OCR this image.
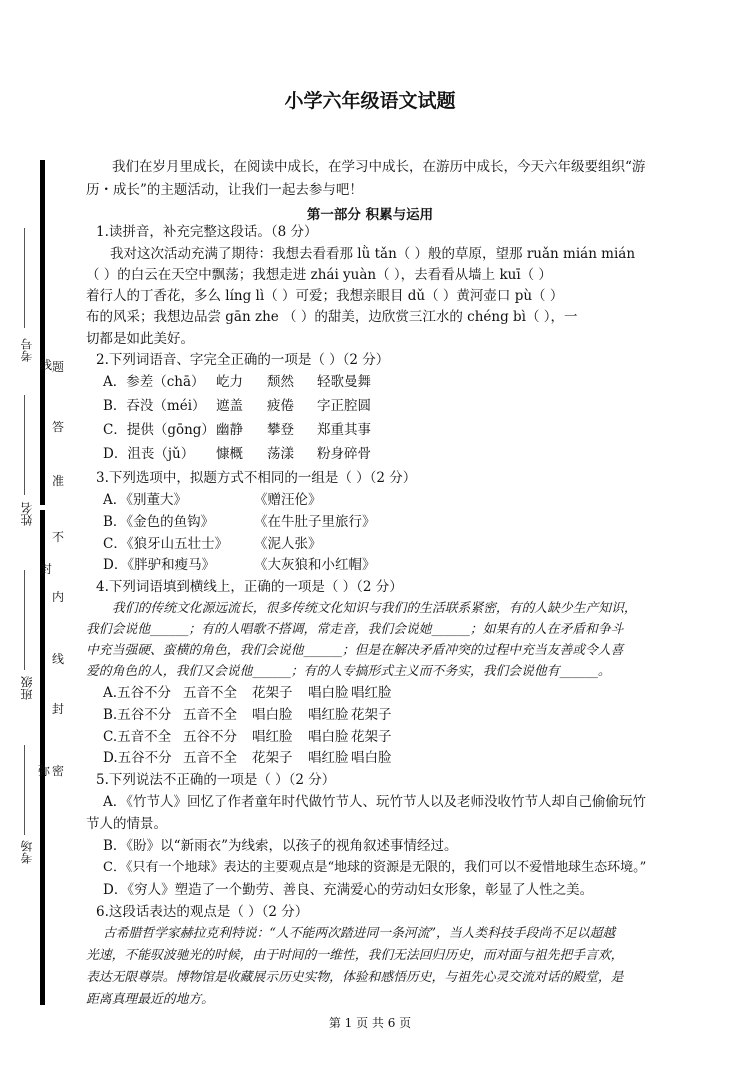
考号
姓名
班级
考场
题
答
准
不
内
线
封
密
弥
线
封
小学六年级语文试题
我们在岁月里成长，在阅读中成长，在学习中成长，在游历中成长，今天六年级要组织“游
历・成长”的主题活动，让我们一起去参与吧！
第一部分 积累与运用
1.读拼音，补充完整这段话。（8 分）
我对这次活动充满了期待：我想去看看那 lǜ tǎn（ ）般的草原，望那 ruǎn mián mián
（ ）的白云在天空中飘荡；我想走进 zhái yuàn（ ），去看看从墙上 kuī（ ）
着行人的丁香花，多么 líng lì（ ）可爱；我想亲眼目 dǔ（ ）黄河壶口 pù（ ）
布的风采；我想边品尝 gān zhe （ ）的甜美，边欣赏三江水的 chéng bì（ ），一
切都是如此美好。
2.下列词语音、字完全正确的一项是（ ）（2 分）
A．参差（chā） 屹力 颓然 轻歌曼舞
B．吞没（méi） 遮盖 疲倦 字正腔圆
C．提供（gōng）幽静 攀登 郑重其事
D．沮丧（jǔ） 慷概 荡漾 粉身碎骨
3.下列选项中，拟题方式不相同的一组是（ ）（2 分）
A．《别董大》	《赠汪伦》
B．《金色的鱼钩》	《在牛肚子里旅行》
C．《狼牙山五壮士》 《泥人张》
D．《胖驴和瘦马》	《大灰狼和小红帽》
4.下列词语填到横线上，正确的一项是（ ）（2 分）
我们的传统文化源远流长，很多传统文化知识与我们的生活联系紧密，有的人缺少生产知识，
我们会说他______；有的人唱歌不搭调，常走音，我们会说她______；如果有的人在矛盾和争斗
中充当强硬、蛮横的角色，我们会说他______；但是在解决矛盾冲突的过程中充当友善或令人喜
爱的角色的人，我们又会说他______；有的人专搞形式主义而不务实，我们会说他有______。
A.五谷不分 五音不全 花架子 唱白脸 唱红脸
B.五谷不分 五音不全 唱白脸 唱红脸 花架子
C.五音不全 五谷不分 唱红脸 唱白脸 花架子
D.五谷不分 五音不全 花架子 唱红脸 唱白脸
5.下列说法不正确的一项是（ ）（2 分）
A．《竹节人》回忆了作者童年时代做竹节人、玩竹节人以及老师没收竹节人却自己偷偷玩竹
节人的情景。
B．《盼》以“新雨衣”为线索，以孩子的视角叙述事情经过。
C．《只有一个地球》表达的主要观点是“地球的资源是无限的，我们可以不爱惜地球生态环境。”
D．《穷人》塑造了一个勤劳、善良、充满爱心的劳动妇女形象，彰显了人性之美。
6.这段话表达的观点是（ ）（2 分）
古希腊哲学家赫拉克利特说：“人不能两次踏进同一条河流”，当人类科技手段尚不足以超越
光速，不能驭波驰光的时候，由于时间的一维性，我们无法回归历史，而对面与祖先把手言欢，
表达无限尊崇。博物馆是收藏展示历史实物，体验和感悟历史，与祖先心灵交流对话的殿堂，是
距离真理最近的地方。
第 1 页 共 6 页
